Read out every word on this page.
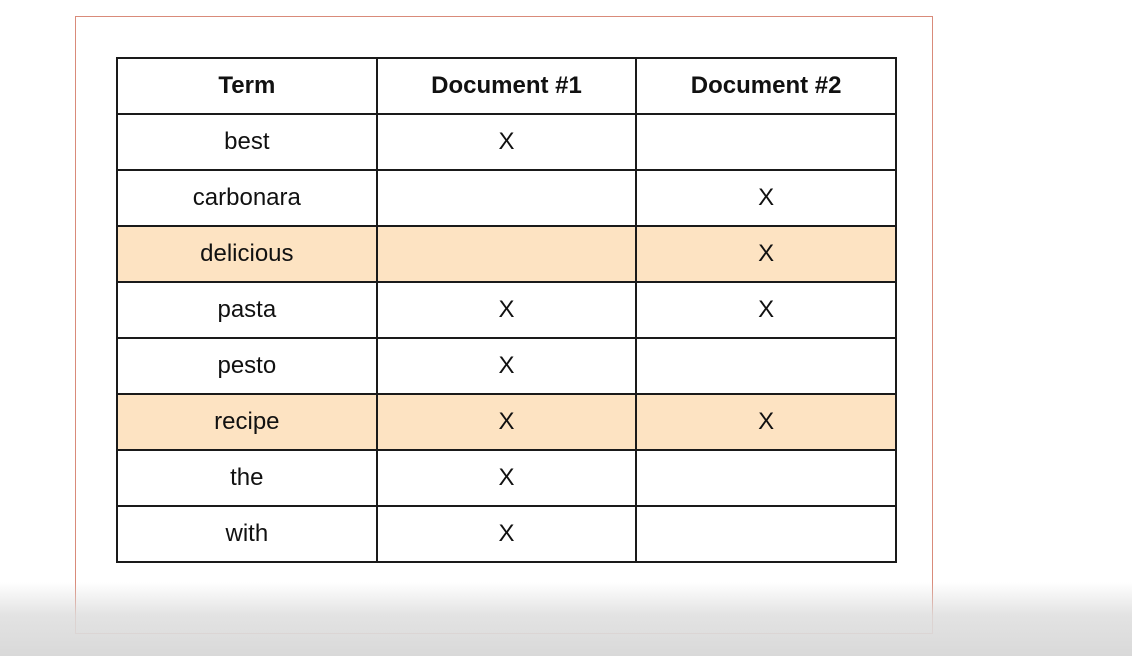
Term	Document #1	Document #2
best	X	
carbonara		X
delicious		X
pasta	X	X
pesto	X	
recipe	X	X
the	X	
with	X	
